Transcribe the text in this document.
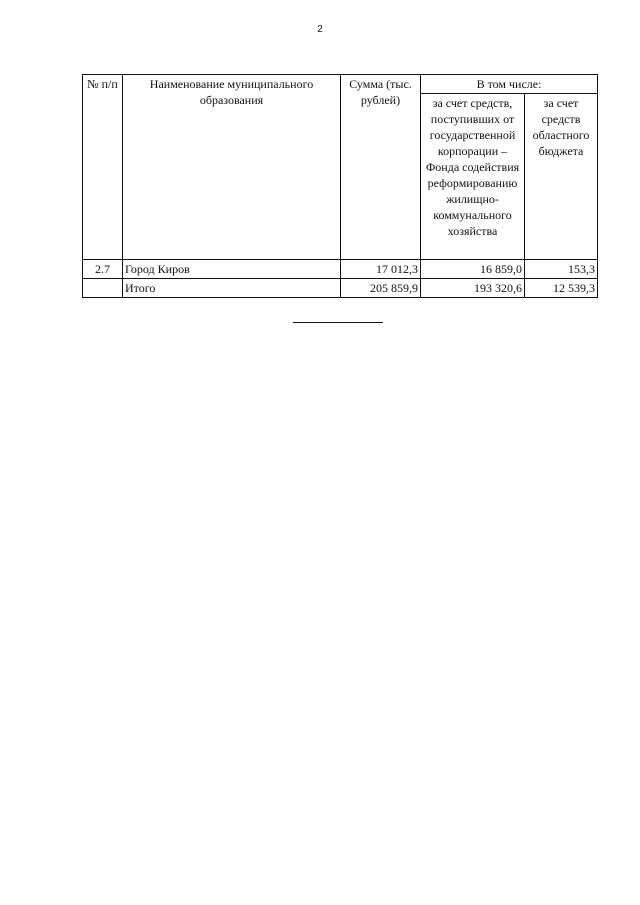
2
№ п/п	Наименование муниципального образования	Сумма (тыс. рублей)	В том числе:	
			за счет средств, поступивших от государственной корпорации – Фонда содействия реформированию жилищно-коммунального хозяйства	за счет средств областного бюджета
2.7	Город Киров	17 012,3	16 859,0	153,3
	Итого	205 859,9	193 320,6	12 539,3
